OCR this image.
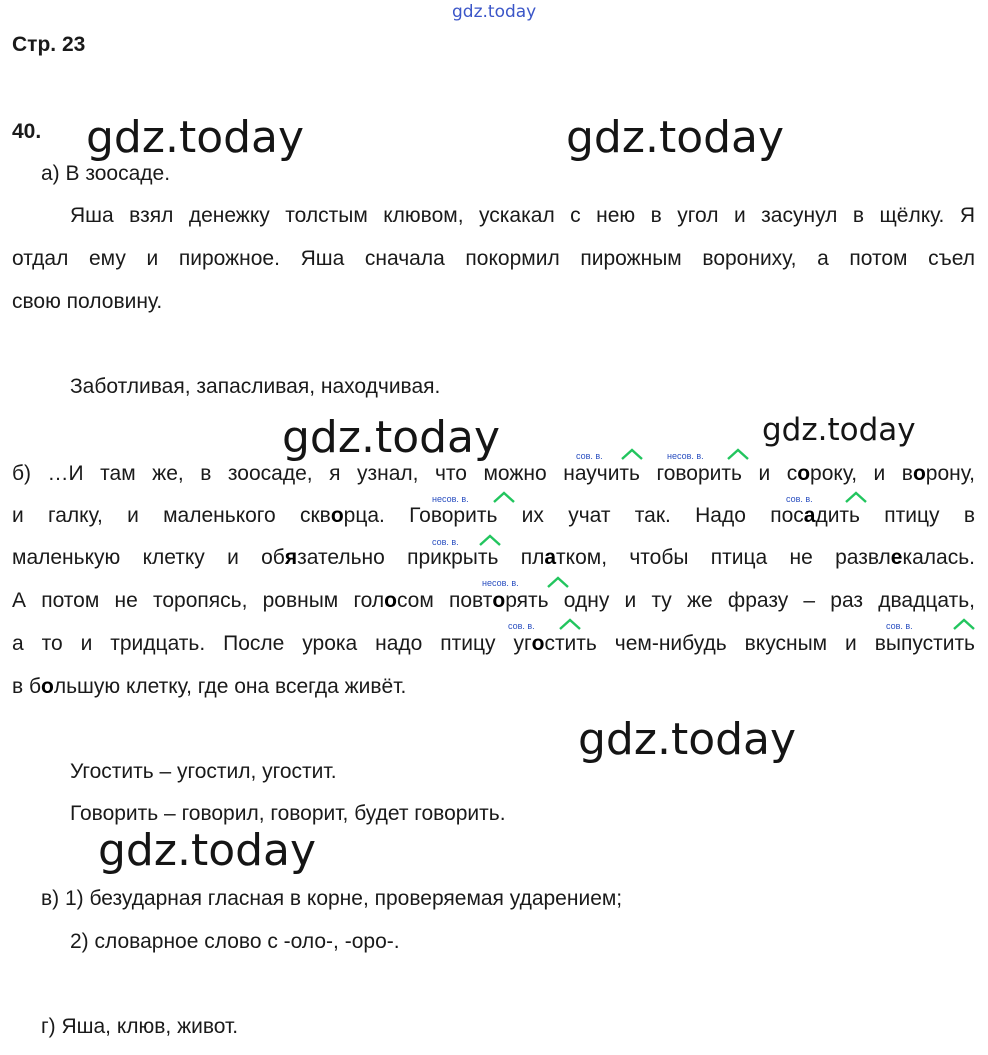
gdz.today
gdz.today	gdz.today
gdz.today	gdz.today
gdz.today
gdz.today
Стр. 23
40.
а) В зоосаде.
Яша взял денежку толстым клювом, ускакал с нею в угол и засунул в щёлку. Я
отдал ему и пирожное. Яша сначала покормил пирожным ворониху, а потом съел
свою половину.
Заботливая, запасливая, находчивая.
сов. в.	несов. в.
несов. в.	сов. в.
сов. в.
несов. в.
сов. в.	сов. в.
б) …И там же, в зоосаде, я узнал, что можно научить говорить и сороку, и ворону,
и галку, и маленького скворца. Говорить их учат так. Надо посадить птицу в
маленькую клетку и обязательно прикрыть платком, чтобы птица не развлекалась.
А потом не торопясь, ровным голосом повторять одну и ту же фразу – раз двадцать,
а то и тридцать. После урока надо птицу угостить чем-нибудь вкусным и выпустить
в большую клетку, где она всегда живёт.
Угостить – угостил, угостит.
Говорить – говорил, говорит, будет говорить.
в) 1) безударная гласная в корне, проверяемая ударением;
2) словарное слово с -оло-, -оро-.
г) Яша, клюв, живот.
